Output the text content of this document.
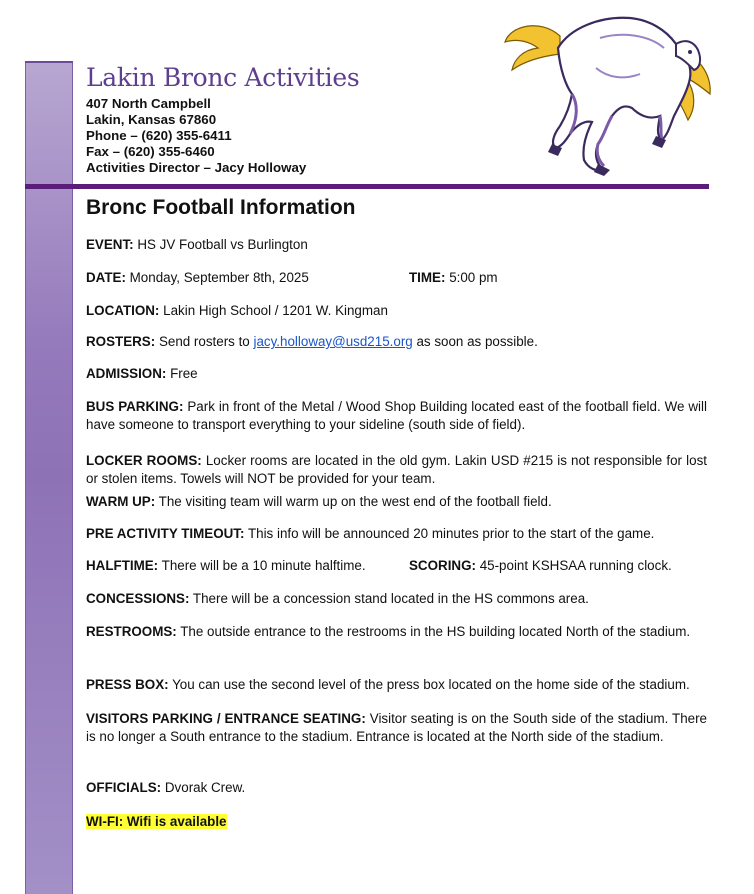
Lakin Bronc Activities
407 North Campbell
Lakin, Kansas 67860
Phone – (620) 355-6411
Fax – (620) 355-6460
Activities Director – Jacy Holloway
Bronc Football Information

EVENT: HS JV Football vs Burlington

DATE: Monday, September 8th, 2025	TIME: 5:00 pm

LOCATION: Lakin High School / 1201 W. Kingman

ROSTERS: Send rosters to jacy.holloway@usd215.org as soon as possible.

ADMISSION: Free

BUS PARKING: Park in front of the Metal / Wood Shop Building located east of the football field. We will have someone to transport everything to your sideline (south side of field).

LOCKER ROOMS: Locker rooms are located in the old gym. Lakin USD #215 is not responsible for lost or stolen items. Towels will NOT be provided for your team.

WARM UP: The visiting team will warm up on the west end of the football field.

PRE ACTIVITY TIMEOUT: This info will be announced 20 minutes prior to the start of the game.

HALFTIME: There will be a 10 minute halftime.	SCORING: 45-point KSHSAA running clock.

CONCESSIONS: There will be a concession stand located in the HS commons area.

RESTROOMS: The outside entrance to the restrooms in the HS building located North of the stadium.

PRESS BOX: You can use the second level of the press box located on the home side of the stadium.

VISITORS PARKING / ENTRANCE SEATING: Visitor seating is on the South side of the stadium. There is no longer a South entrance to the stadium. Entrance is located at the North side of the stadium.

OFFICIALS: Dvorak Crew.

WI-FI: Wifi is available
